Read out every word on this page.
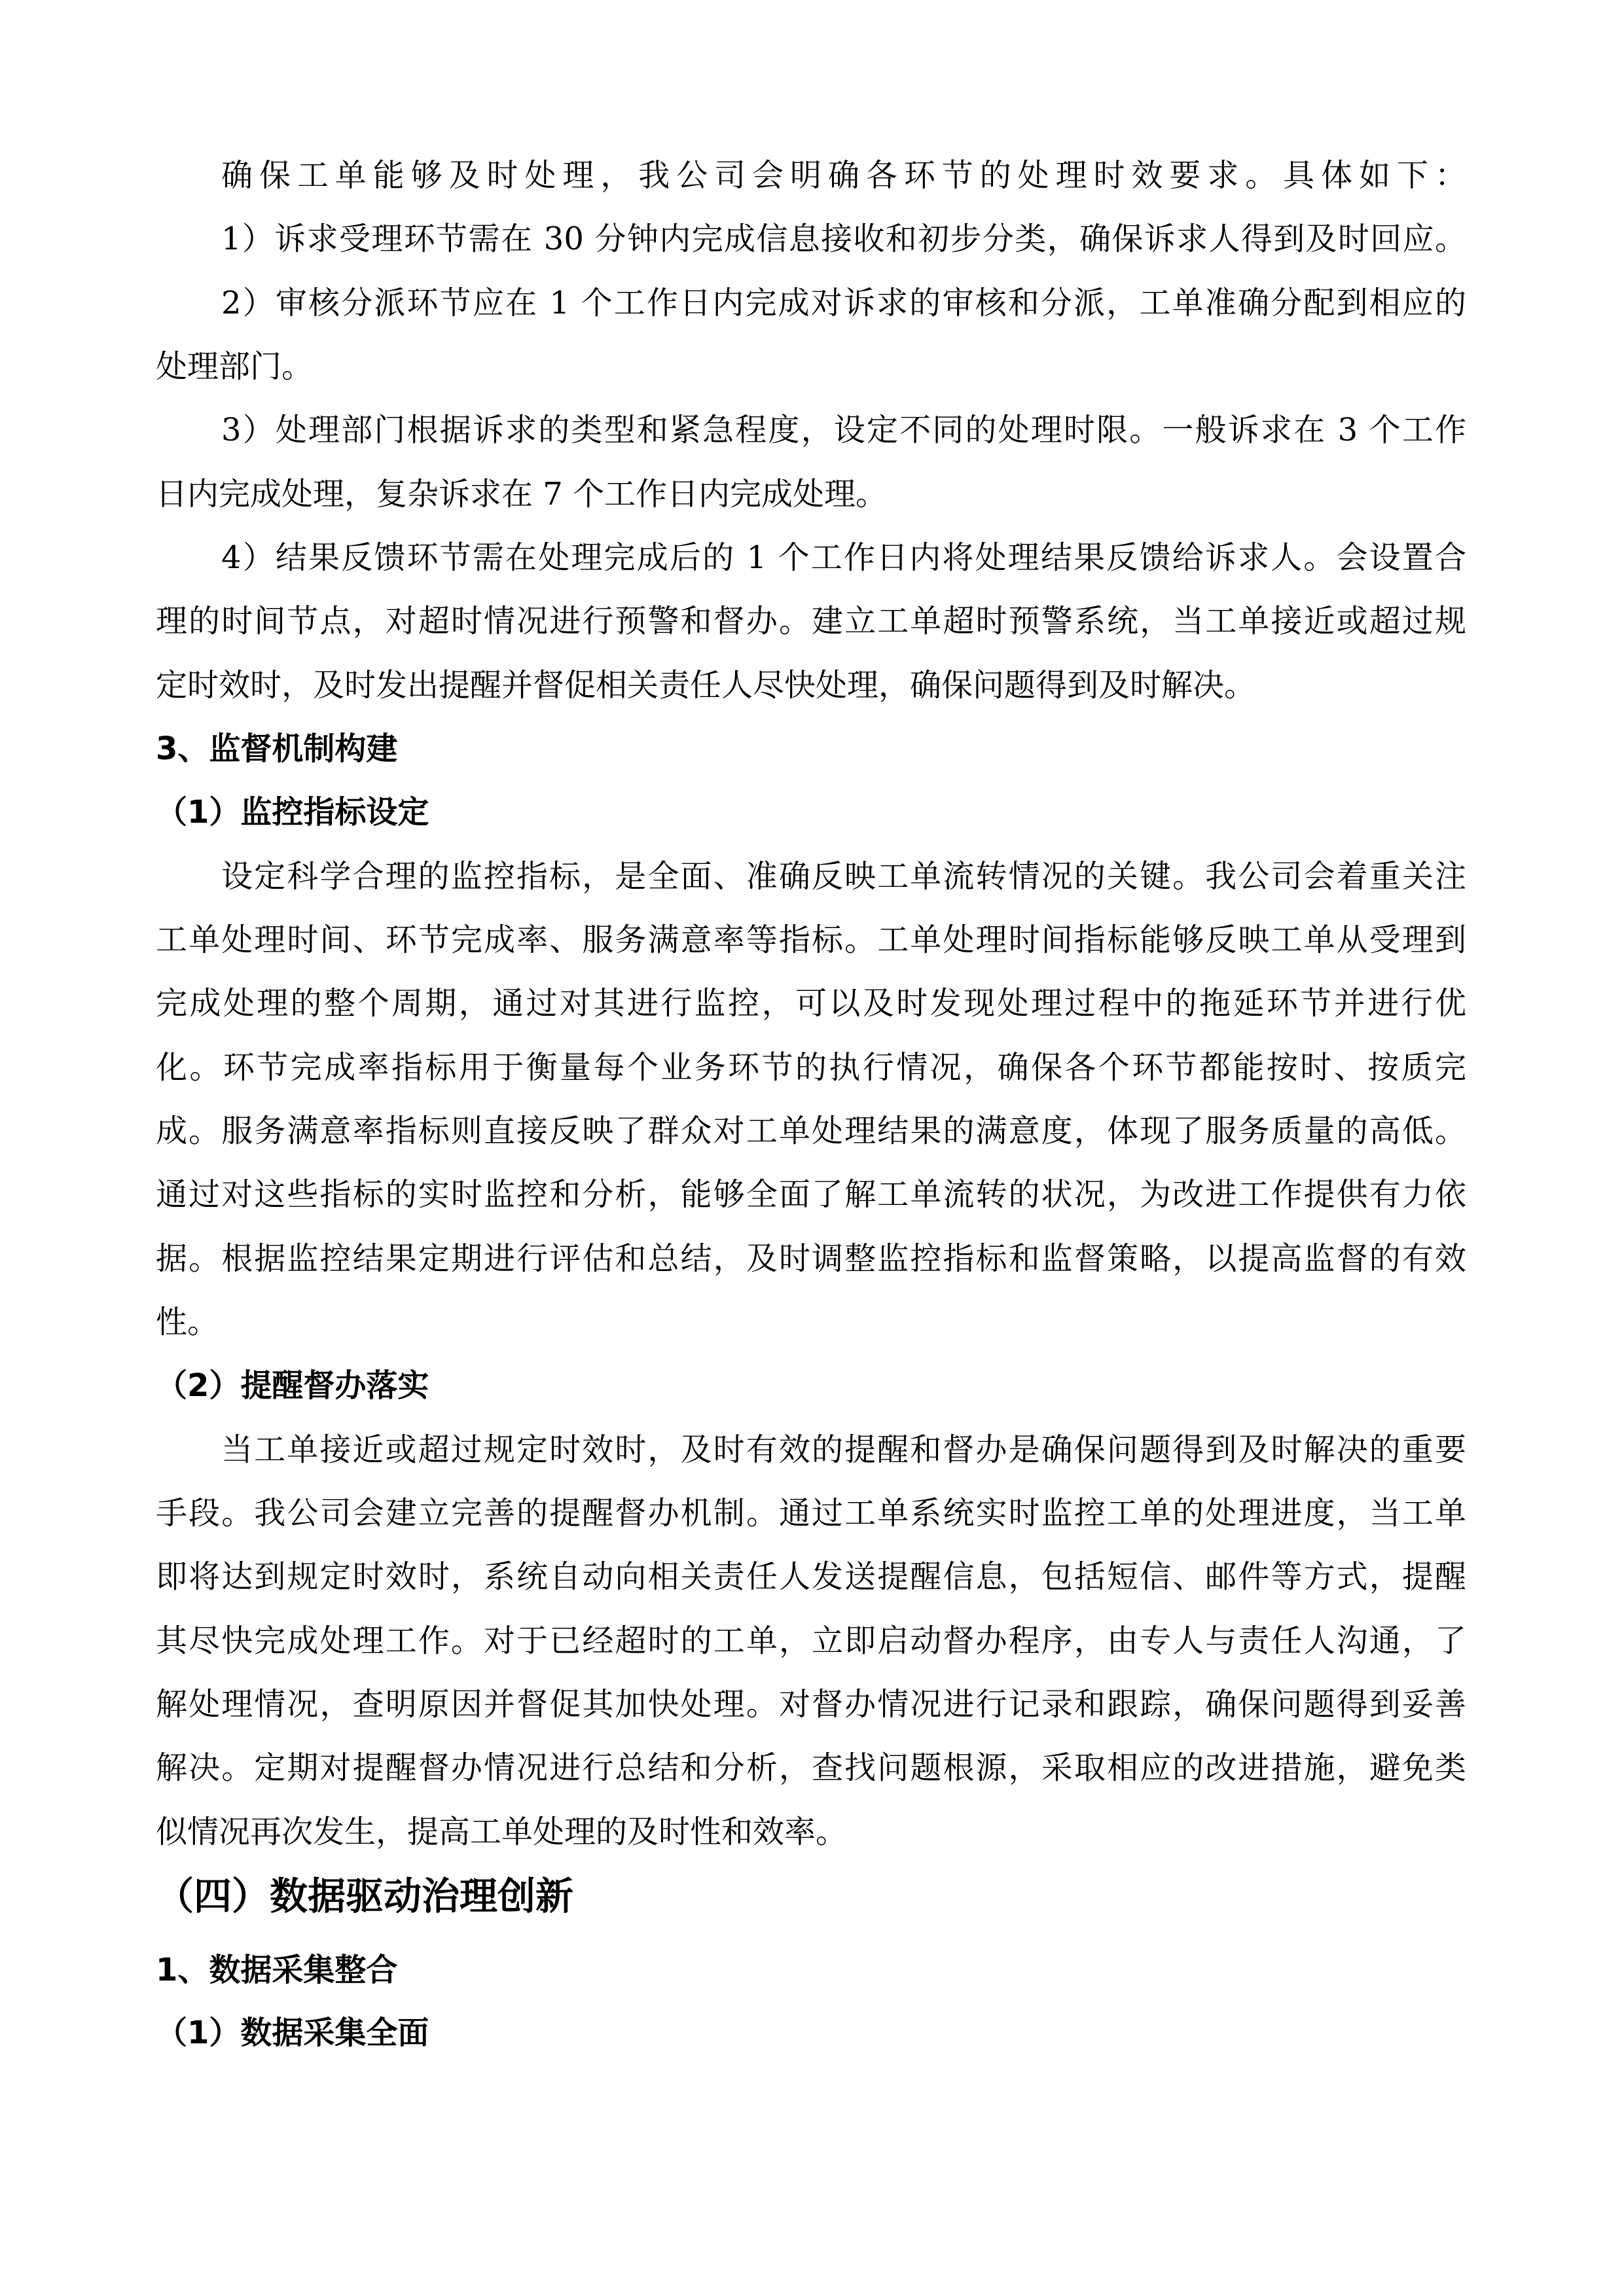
确保工单能够及时处理，我公司会明确各环节的处理时效要求。具体如下：
1）诉求受理环节需在 30 分钟内完成信息接收和初步分类，确保诉求人得到及时回应。
2）审核分派环节应在 1 个工作日内完成对诉求的审核和分派，工单准确分配到相应的
处理部门。
3）处理部门根据诉求的类型和紧急程度，设定不同的处理时限。一般诉求在 3 个工作
日内完成处理，复杂诉求在 7 个工作日内完成处理。
4）结果反馈环节需在处理完成后的 1 个工作日内将处理结果反馈给诉求人。会设置合
理的时间节点，对超时情况进行预警和督办。建立工单超时预警系统，当工单接近或超过规
定时效时，及时发出提醒并督促相关责任人尽快处理，确保问题得到及时解决。
3、监督机制构建
（1）监控指标设定
设定科学合理的监控指标，是全面、准确反映工单流转情况的关键。我公司会着重关注
工单处理时间、环节完成率、服务满意率等指标。工单处理时间指标能够反映工单从受理到
完成处理的整个周期，通过对其进行监控，可以及时发现处理过程中的拖延环节并进行优
化。环节完成率指标用于衡量每个业务环节的执行情况，确保各个环节都能按时、按质完
成。服务满意率指标则直接反映了群众对工单处理结果的满意度，体现了服务质量的高低。
通过对这些指标的实时监控和分析，能够全面了解工单流转的状况，为改进工作提供有力依
据。根据监控结果定期进行评估和总结，及时调整监控指标和监督策略，以提高监督的有效
性。
（2）提醒督办落实
当工单接近或超过规定时效时，及时有效的提醒和督办是确保问题得到及时解决的重要
手段。我公司会建立完善的提醒督办机制。通过工单系统实时监控工单的处理进度，当工单
即将达到规定时效时，系统自动向相关责任人发送提醒信息，包括短信、邮件等方式，提醒
其尽快完成处理工作。对于已经超时的工单，立即启动督办程序，由专人与责任人沟通，了
解处理情况，查明原因并督促其加快处理。对督办情况进行记录和跟踪，确保问题得到妥善
解决。定期对提醒督办情况进行总结和分析，查找问题根源，采取相应的改进措施，避免类
似情况再次发生，提高工单处理的及时性和效率。
（四）数据驱动治理创新
1、数据采集整合
（1）数据采集全面
